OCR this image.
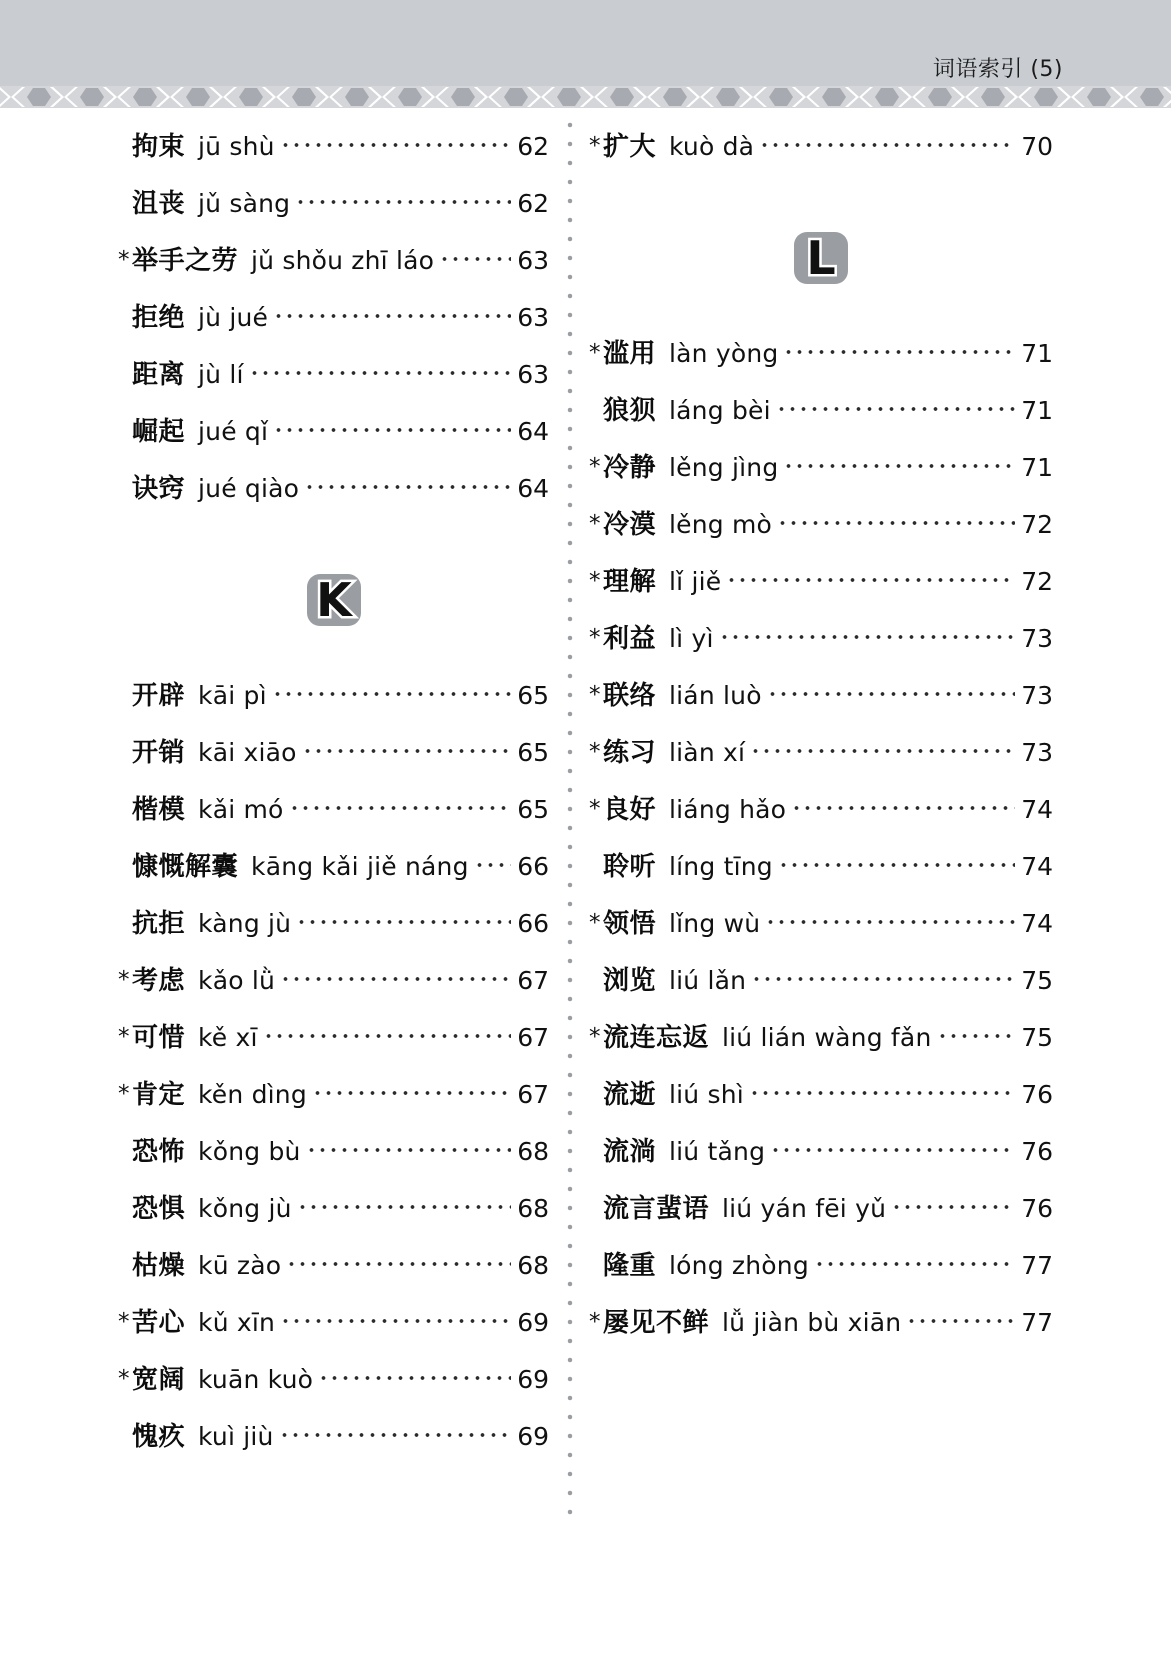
词语索引 (5)
拘束 jū shù	62
沮丧 jǔ sàng	62
* 举手之劳 jǔ shǒu zhī láo	63
拒绝 jù jué	63
距离 jù lí	63
崛起 jué qǐ	64
诀窍 jué qiào	64
K
开辟 kāi pì	65
开销 kāi xiāo	65
楷模 kǎi mó	65
慷慨解囊 kāng kǎi jiě náng 66
抗拒 kàng jù	66
* 考虑 kǎo lǜ	67
* 可惜 kě xī	67
* 肯定 kěn dìng	67
恐怖 kǒng bù	68
恐惧 kǒng jù	68
枯燥 kū zào	68
* 苦心 kǔ xīn	69
* 宽阔 kuān kuò	69
愧疚 kuì jiù	69
* 扩大 kuò dà	70
L
* 滥用 làn yòng	71
狼狈 láng bèi	71
* 冷静 lěng jìng	71
* 冷漠 lěng mò	72
* 理解 lǐ jiě	72
* 利益 lì yì	73
* 联络 lián luò	73
* 练习 liàn xí	73
* 良好 liáng hǎo	74
聆听 líng tīng	74
* 领悟 lǐng wù	74
浏览 liú lǎn	75
* 流连忘返 liú lián wàng fǎn	75
流逝 liú shì	76
流淌 liú tǎng	76
流言蜚语 liú yán fēi yǔ	76
隆重 lóng zhòng	77
* 屡见不鲜 lǚ jiàn bù xiān	77
